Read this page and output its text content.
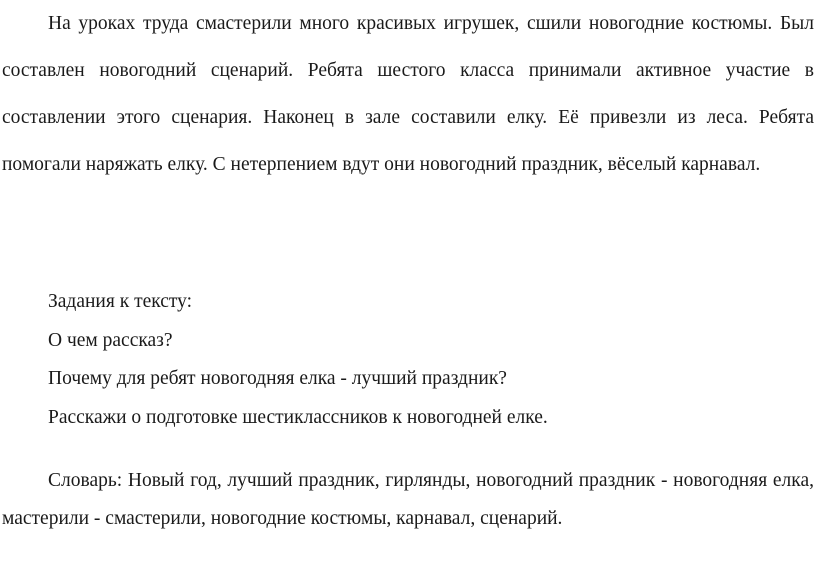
На уроках труда смастерили много красивых игрушек, сшили новогодние костюмы. Был составлен новогодний сценарий. Ребята шестого класса принимали активное участие в составлении этого сценария. Наконец в зале составили елку. Её привезли из леса. Ребята помогали наряжать елку. С нетерпением вдут они новогодний праздник, вёселый карнавал.

Задания к тексту:
О чем рассказ?
Почему для ребят новогодняя елка - лучший праздник?
Расскажи о подготовке шестиклассников к новогодней елке.

Словарь: Новый год, лучший праздник, гирлянды, новогодний праздник - новогодняя елка, мастерили - смастерили, новогодние костюмы, карнавал, сценарий.
